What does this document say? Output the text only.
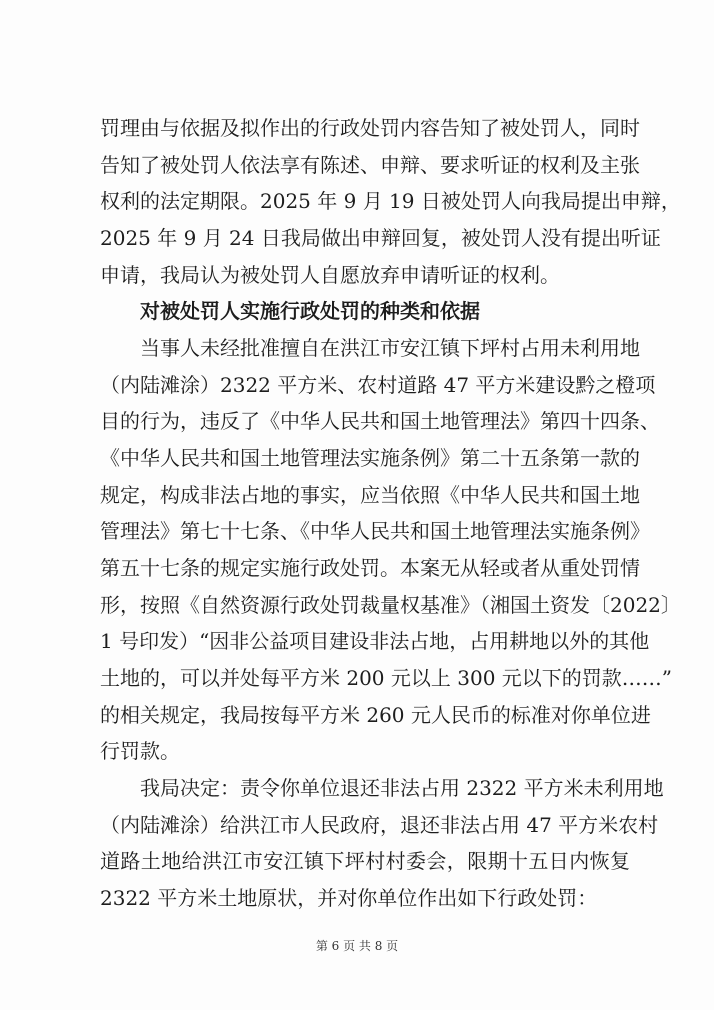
罚理由与依据及拟作出的行政处罚内容告知了被处罚人，同时
告知了被处罚人依法享有陈述、申辩、要求听证的权利及主张
权利的法定期限。2025 年 9 月 19 日被处罚人向我局提出申辩，
2025 年 9 月 24 日我局做出申辩回复，被处罚人没有提出听证
申请，我局认为被处罚人自愿放弃申请听证的权利。
对被处罚人实施行政处罚的种类和依据
当事人未经批准擅自在洪江市安江镇下坪村占用未利用地
（内陆滩涂）2322 平方米、农村道路 47 平方米建设黔之橙项
目的行为，违反了《中华人民共和国土地管理法》第四十四条、
《中华人民共和国土地管理法实施条例》第二十五条第一款的
规定，构成非法占地的事实，应当依照《中华人民共和国土地
管理法》第七十七条、《中华人民共和国土地管理法实施条例》
第五十七条的规定实施行政处罚。本案无从轻或者从重处罚情
形，按照《自然资源行政处罚裁量权基准》（湘国土资发〔2022〕
1 号印发）“因非公益项目建设非法占地，占用耕地以外的其他
土地的，可以并处每平方米 200 元以上 300 元以下的罚款……”
的相关规定，我局按每平方米 260 元人民币的标准对你单位进
行罚款。
我局决定：责令你单位退还非法占用 2322 平方米未利用地
（内陆滩涂）给洪江市人民政府，退还非法占用 47 平方米农村
道路土地给洪江市安江镇下坪村村委会，限期十五日内恢复
2322 平方米土地原状，并对你单位作出如下行政处罚：
第 6 页 共 8 页
